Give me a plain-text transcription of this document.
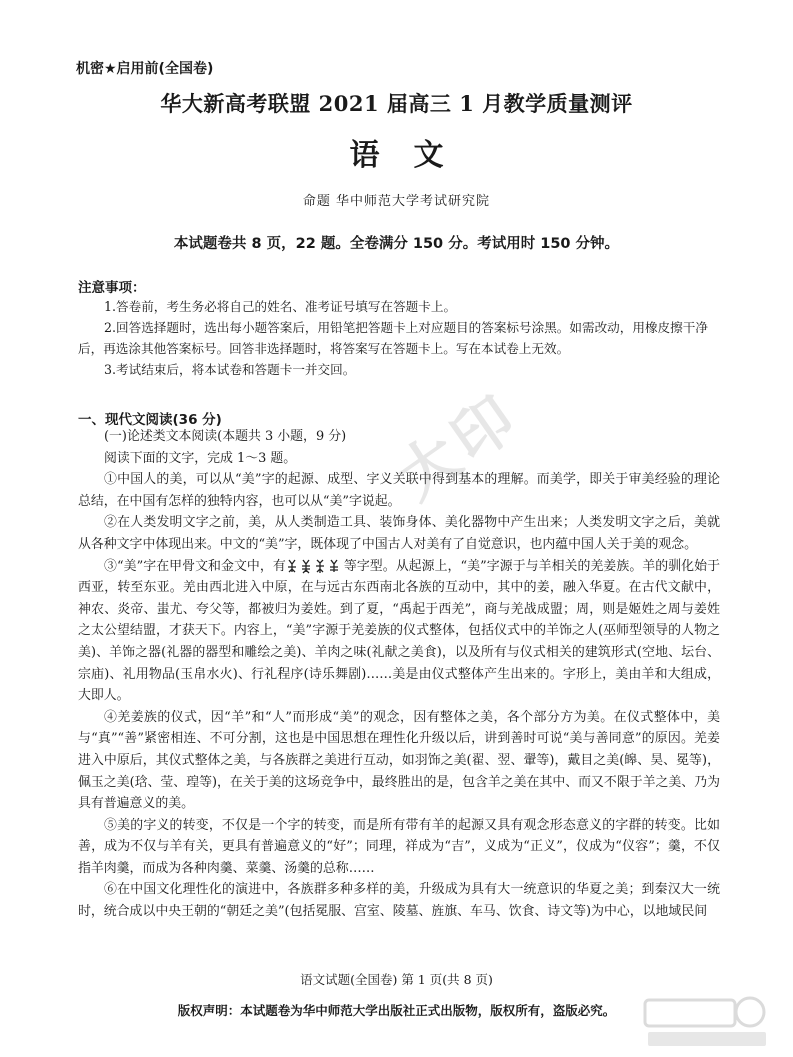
机密★启用前(全国卷)
华大新高考联盟 2021 届高三 1 月教学质量测评
语文
命题 华中师范大学考试研究院
本试题卷共 8 页，22 题。全卷满分 150 分。考试用时 150 分钟。
注意事项：

1.答卷前，考生务必将自己的姓名、准考证号填写在答题卡上。

2.回答选择题时，选出每小题答案后，用铅笔把答题卡上对应题目的答案标号涂黑。如需改动，用橡皮擦干净后，再选涂其他答案标号。回答非选择题时，将答案写在答题卡上。写在本试卷上无效。

3.考试结束后，将本试卷和答题卡一并交回。

一、现代文阅读(36 分)

(一)论述类文本阅读(本题共 3 小题，9 分)

阅读下面的文字，完成 1～3 题。

①中国人的美，可以从“美”字的起源、成型、字义关联中得到基本的理解。而美学，即关于审美经验的理论总结，在中国有怎样的独特内容，也可以从“美”字说起。

②在人类发明文字之前，美，从人类制造工具、装饰身体、美化器物中产生出来；人类发明文字之后，美就从各种文字中体现出来。中文的“美”字，既体现了中国古人对美有了自觉意识，也内蕴中国人关于美的观念。

③“美”字在甲骨文和金文中，有	等字型。从起源上，“美”字源于与羊相关的羌姜族。羊的驯化始于西亚，转至东亚。羌由西北进入中原，在与远古东西南北各族的互动中，其中的姜，融入华夏。在古代文献中，神农、炎帝、蚩尤、夸父等，都被归为姜姓。到了夏，“禹起于西羌”，商与羌战成盟；周，则是姬姓之周与姜姓之太公望结盟，才获天下。内容上，“美”字源于羌姜族的仪式整体，包括仪式中的羊饰之人(巫师型领导的人物之美)、羊饰之器(礼器的器型和雕绘之美)、羊肉之味(礼献之美食)，以及所有与仪式相关的建筑形式(空地、坛台、宗庙)、礼用物品(玉帛水火)、行礼程序(诗乐舞剧)……美是由仪式整体产生出来的。字形上，美由羊和大组成，大即人。

④羌姜族的仪式，因“羊”和“人”而形成“美”的观念，因有整体之美，各个部分方为美。在仪式整体中，美与“真”“善”紧密相连、不可分割，这也是中国思想在理性化升级以后，讲到善时可说“美与善同意”的原因。羌姜进入中原后，其仪式整体之美，与各族群之美进行互动，如羽饰之美(翟、翌、翬等)，戴目之美(皞、昊、冕等)，佩玉之美(琀、莹、瑝等)，在关于美的这场竞争中，最终胜出的是，包含羊之美在其中、而又不限于羊之美、乃为具有普遍意义的美。

⑤美的字义的转变，不仅是一个字的转变，而是所有带有羊的起源又具有观念形态意义的字群的转变。比如善，成为不仅与羊有关，更具有普遍意义的“好”；同理，祥成为“吉”，义成为“正义”，仪成为“仪容”；羹，不仅指羊肉羹，而成为各种肉羹、菜羹、汤羹的总称……

⑥在中国文化理性化的演进中，各族群多种多样的美，升级成为具有大一统意识的华夏之美；到秦汉大一统时，统合成以中央王朝的“朝廷之美”(包括冕服、宫室、陵墓、旌旗、车马、饮食、诗文等)为中心，以地域民间

大印
语文试题(全国卷) 第 1 页(共 8 页)
版权声明：本试题卷为华中师范大学出版社正式出版物，版权所有，盗版必究。
